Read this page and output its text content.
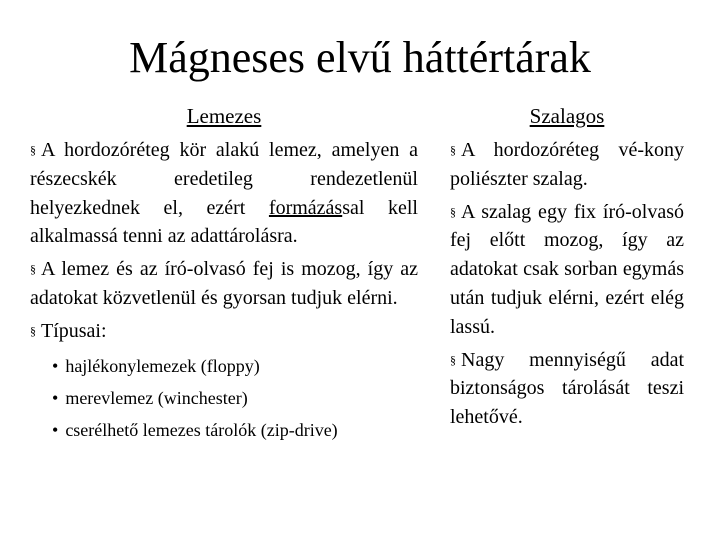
Mágneses elvű háttértárak
Lemezes

§ A hordozóréteg kör alakú lemez, amelyen a részecskék eredetileg rendezetlenül helyezkednek el, ezért formázással kell alkalmassá tenni az adattárolásra.

§ A lemez és az író-olvasó fej is mozog, így az adatokat közvetlenül és gyorsan tudjuk elérni.

§ Típusai:

• hajlékonylemezek (floppy)
• merevlemez (winchester)
• cserélhető lemezes tárolók (zip-drive)
Szalagos

§ A hordozóréteg vé-kony poliészter szalag.

§ A szalag egy fix író-olvasó fej előtt mozog, így az adatokat csak sorban egymás után tudjuk elérni, ezért elég lassú.

§ Nagy mennyiségű adat biztonságos tárolását teszi lehetővé.
